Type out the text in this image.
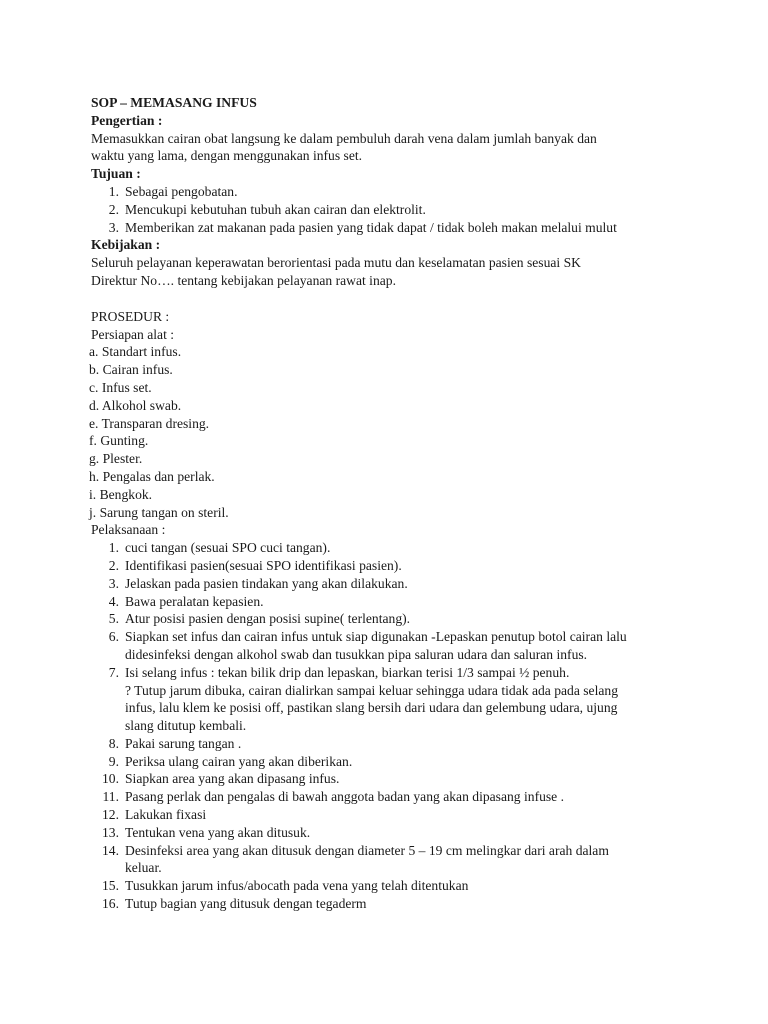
SOP – MEMASANG INFUS

Pengertian :

Memasukkan cairan obat langsung ke dalam pembuluh darah vena dalam jumlah banyak dan

waktu yang lama, dengan menggunakan infus set.

Tujuan :

1. Sebagai pengobatan.
2. Mencukupi kebutuhan tubuh akan cairan dan elektrolit.
3. Memberikan zat makanan pada pasien yang tidak dapat / tidak boleh makan melalui mulut

Kebijakan :

Seluruh pelayanan keperawatan berorientasi pada mutu dan keselamatan pasien sesuai SK

Direktur No…. tentang kebijakan pelayanan rawat inap.

PROSEDUR :

Persiapan alat :

a. Standart infus.

b. Cairan infus.

c. Infus set.

d. Alkohol swab.

e. Transparan dresing.

f. Gunting.

g. Plester.

h. Pengalas dan perlak.

i. Bengkok.

j. Sarung tangan on steril.

Pelaksanaan :

1. cuci tangan (sesuai SPO cuci tangan).
2. Identifikasi pasien(sesuai SPO identifikasi pasien).
3. Jelaskan pada pasien tindakan yang akan dilakukan.
4. Bawa peralatan kepasien.
5. Atur posisi pasien dengan posisi supine( terlentang).
6. Siapkan set infus dan cairan infus untuk siap digunakan -Lepaskan penutup botol cairan lalu
didesinfeksi dengan alkohol swab dan tusukkan pipa saluran udara dan saluran infus.
7. Isi selang infus : tekan bilik drip dan lepaskan, biarkan terisi 1/3 sampai ½ penuh.
? Tutup jarum dibuka, cairan dialirkan sampai keluar sehingga udara tidak ada pada selang
infus, lalu klem ke posisi off, pastikan slang bersih dari udara dan gelembung udara, ujung
slang ditutup kembali.
8. Pakai sarung tangan .
9. Periksa ulang cairan yang akan diberikan.
10. Siapkan area yang akan dipasang infus.
11. Pasang perlak dan pengalas di bawah anggota badan yang akan dipasang infuse .
12. Lakukan fixasi
13. Tentukan vena yang akan ditusuk.
14. Desinfeksi area yang akan ditusuk dengan diameter 5 – 19 cm melingkar dari arah dalam
keluar.
15. Tusukkan jarum infus/abocath pada vena yang telah ditentukan
16. Tutup bagian yang ditusuk dengan tegaderm
